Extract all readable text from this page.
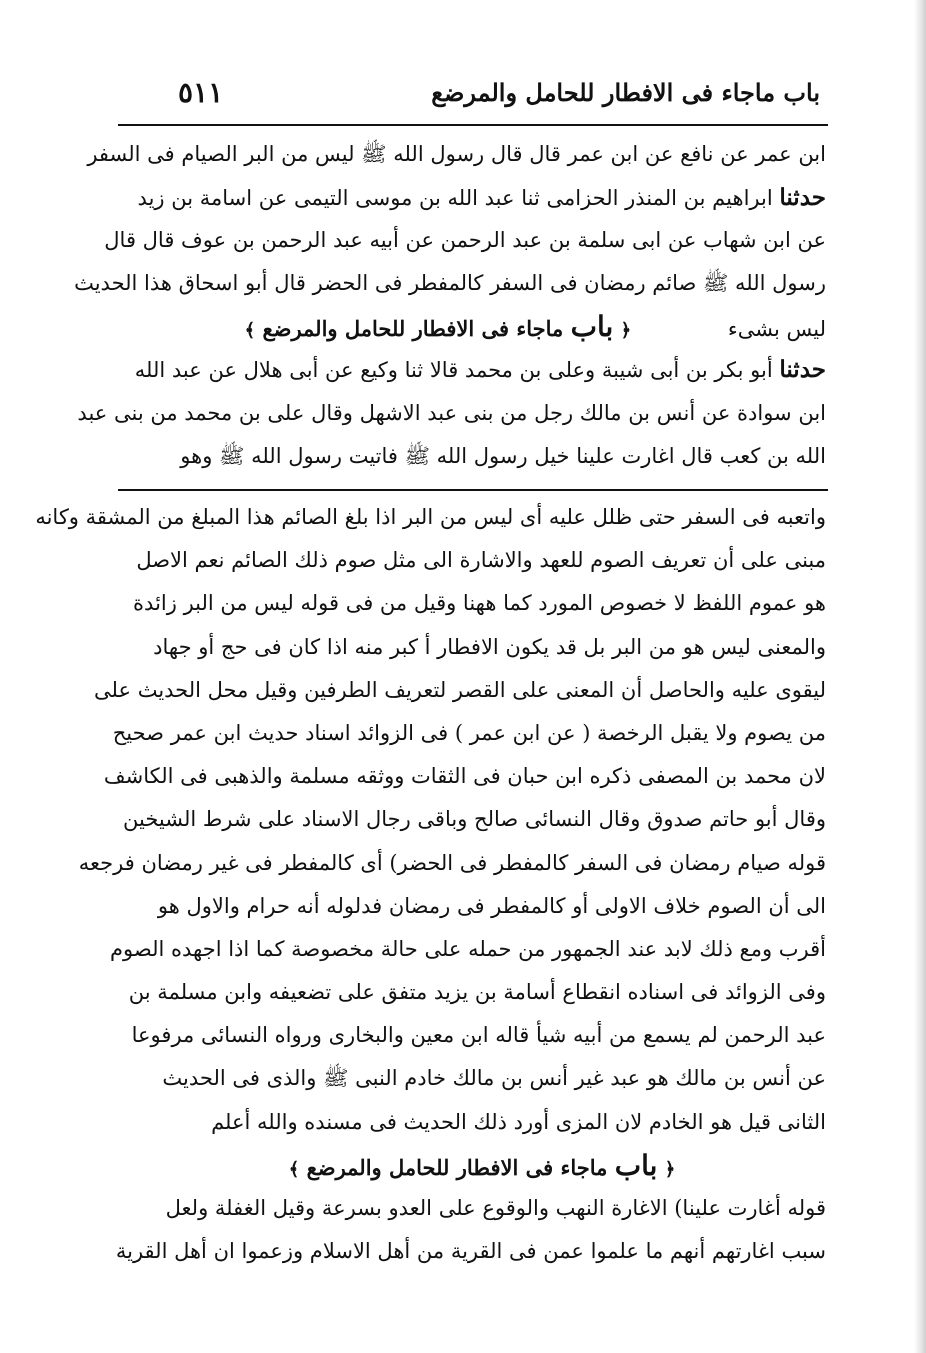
باب ماجاء فى الافطار للحامل والمرضع
٥١١
ابن عمر عن نافع عن ابن عمر قال قال رسول الله ﷺ ليس من البر الصيام فى السفر
حدثنا ابراهيم بن المنذر الحزامى ثنا عبد الله بن موسى التيمى عن اسامة بن زيد
عن ابن شهاب عن ابى سلمة بن عبد الرحمن عن أبيه عبد الرحمن بن عوف قال قال
رسول الله ﷺ صائم رمضان فى السفر كالمفطر فى الحضر قال أبو اسحاق هذا الحديث
ليس بشىء ﴿ باب ماجاء فى الافطار للحامل والمرضع ﴾
حدثنا أبو بكر بن أبى شيبة وعلى بن محمد قالا ثنا وكيع عن أبى هلال عن عبد الله
ابن سوادة عن أنس بن مالك رجل من بنى عبد الاشهل وقال على بن محمد من بنى عبد
الله بن كعب قال اغارت علينا خيل رسول الله ﷺ فاتيت رسول الله ﷺ وهو
واتعبه فى السفر حتى ظلل عليه أى ليس من البر اذا بلغ الصائم هذا المبلغ من المشقة وكانه
مبنى على أن تعريف الصوم للعهد والاشارة الى مثل صوم ذلك الصائم نعم الاصل
هو عموم اللفظ لا خصوص المورد كما ههنا وقيل من فى قوله ليس من البر زائدة
والمعنى ليس هو من البر بل قد يكون الافطار أ كبر منه اذا كان فى حج أو جهاد
ليقوى عليه والحاصل أن المعنى على القصر لتعريف الطرفين وقيل محل الحديث على
من يصوم ولا يقبل الرخصة ( عن ابن عمر ) فى الزوائد اسناد حديث ابن عمر صحيح
لان محمد بن المصفى ذكره ابن حبان فى الثقات ووثقه مسلمة والذهبى فى الكاشف
وقال أبو حاتم صدوق وقال النسائى صالح وباقى رجال الاسناد على شرط الشيخين
قوله صيام رمضان فى السفر كالمفطر فى الحضر) أى كالمفطر فى غير رمضان فرجعه
الى أن الصوم خلاف الاولى أو كالمفطر فى رمضان فدلوله أنه حرام والاول هو
أقرب ومع ذلك لابد عند الجمهور من حمله على حالة مخصوصة كما اذا اجهده الصوم
وفى الزوائد فى اسناده انقطاع أسامة بن يزيد متفق على تضعيفه وابن مسلمة بن
عبد الرحمن لم يسمع من أبيه شيأ قاله ابن معين والبخارى ورواه النسائى مرفوعا
عن أنس بن مالك هو عبد غير أنس بن مالك خادم النبى ﷺ والذى فى الحديث
الثانى قيل هو الخادم لان المزى أورد ذلك الحديث فى مسنده والله أعلم
﴿ باب ماجاء فى الافطار للحامل والمرضع ﴾
قوله أغارت علينا) الاغارة النهب والوقوع على العدو بسرعة وقيل الغفلة ولعل
سبب اغارتهم أنهم ما علموا عمن فى القرية من أهل الاسلام وزعموا ان أهل القرية
